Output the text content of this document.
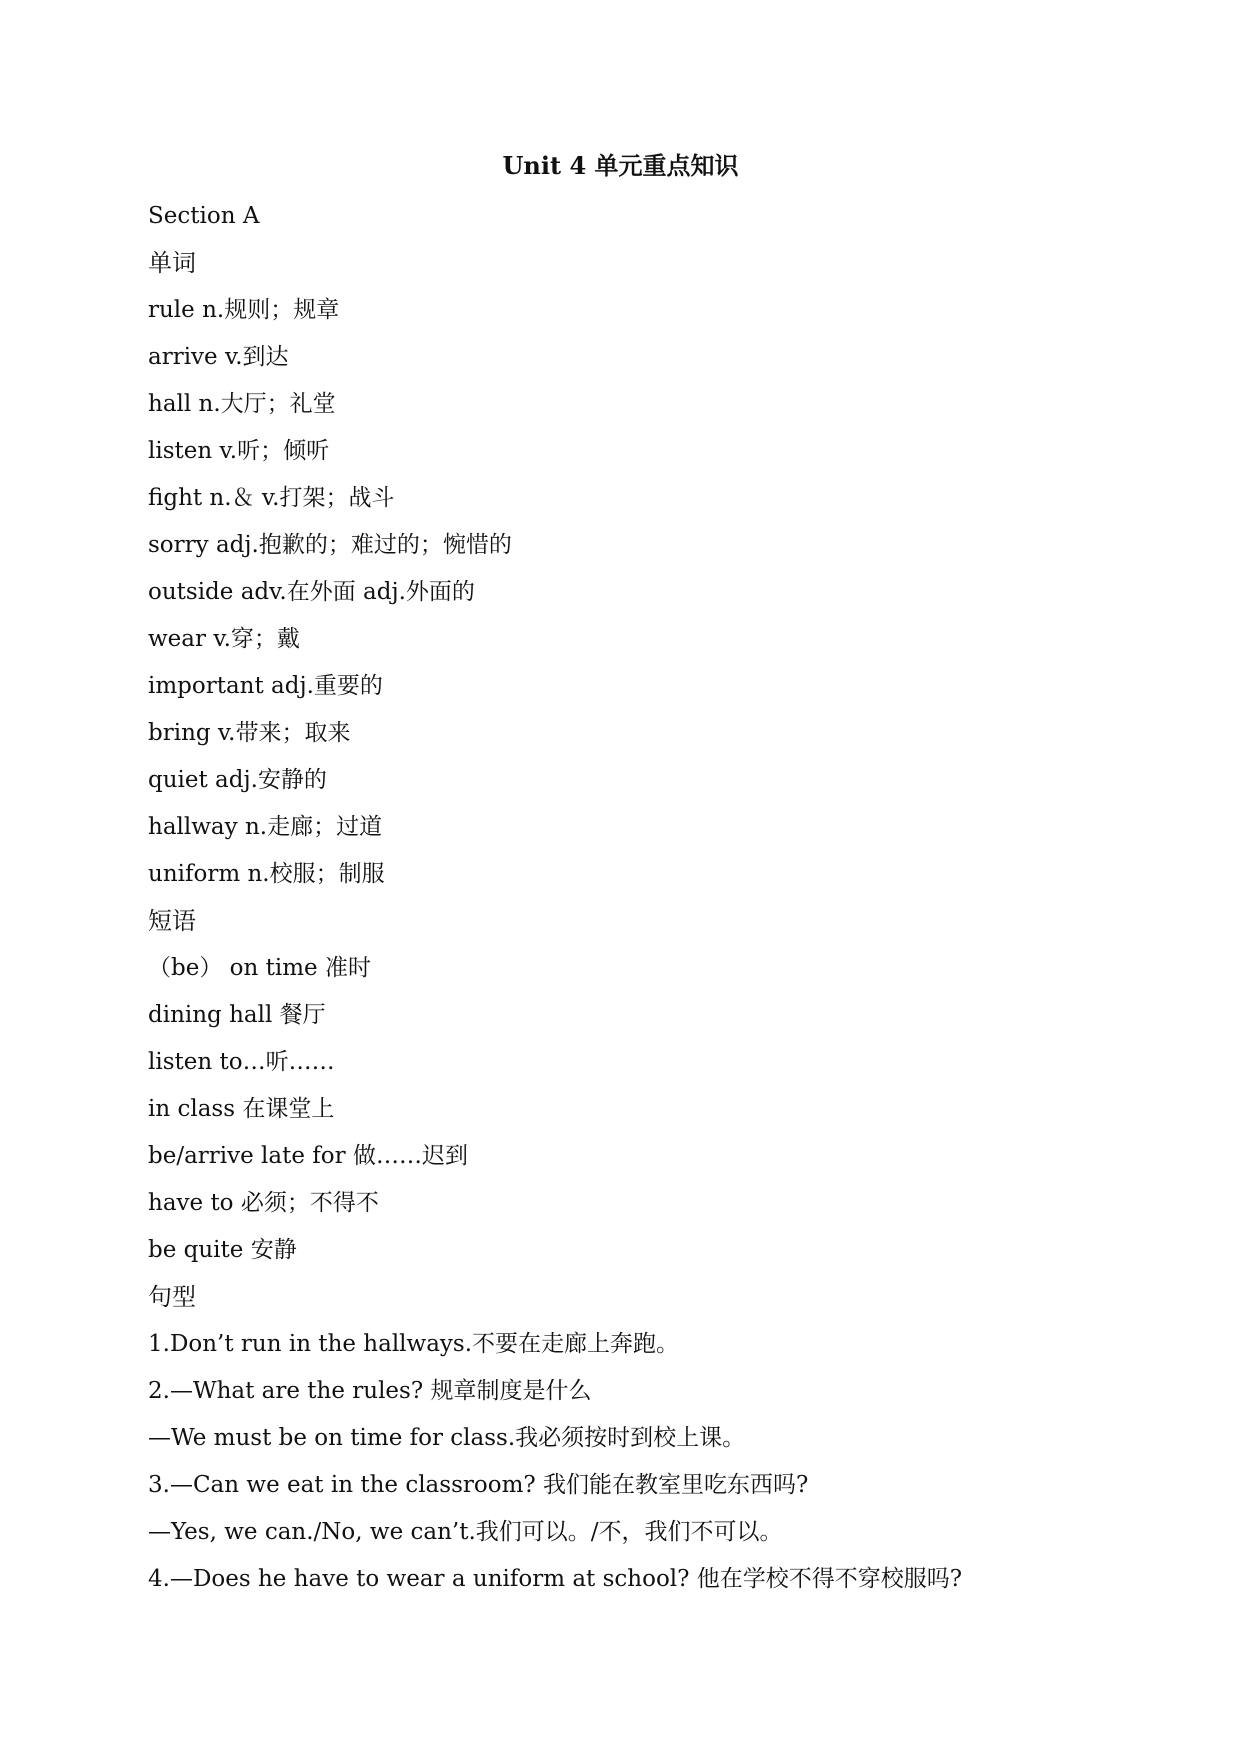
Unit 4 单元重点知识

Section A

单词

rule n.规则；规章

arrive v.到达

hall n.大厅；礼堂

listen v.听；倾听

fight n.＆ v.打架；战斗

sorry adj.抱歉的；难过的；惋惜的

outside adv.在外面 adj.外面的

wear v.穿；戴

important adj.重要的

bring v.带来；取来

quiet adj.安静的

hallway n.走廊；过道

uniform n.校服；制服

短语

（be） on time 准时

dining hall 餐厅

listen to…听……

in class 在课堂上

be/arrive late for 做……迟到

have to 必须；不得不

be quite 安静

句型

1.Don’t run in the hallways.不要在走廊上奔跑。

2.—What are the rules? 规章制度是什么

—We must be on time for class.我必须按时到校上课。

3.—Can we eat in the classroom? 我们能在教室里吃东西吗?

—Yes, we can./No, we can’t.我们可以。/不，我们不可以。

4.—Does he have to wear a uniform at school? 他在学校不得不穿校服吗?
